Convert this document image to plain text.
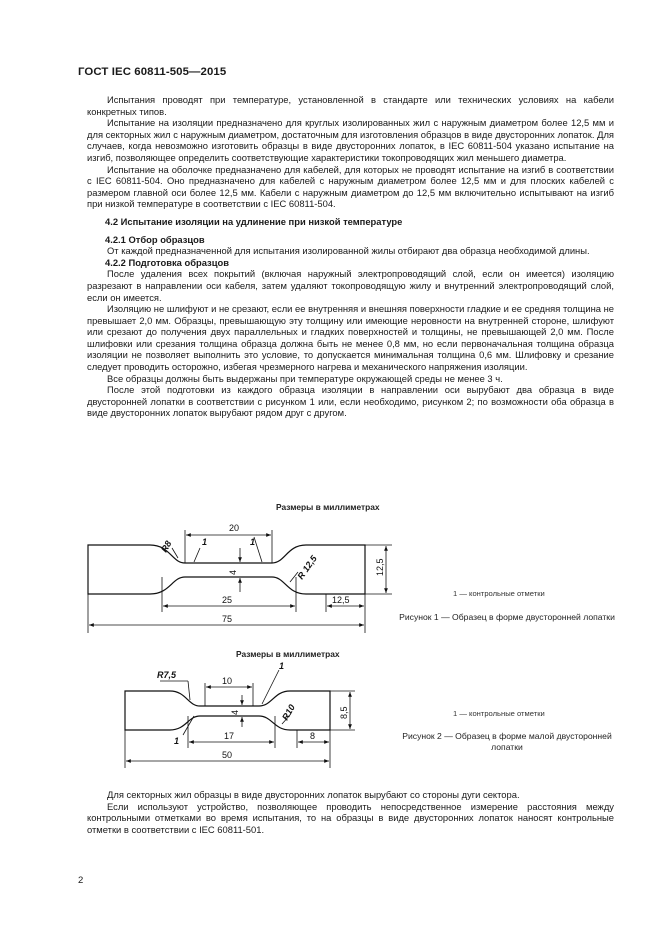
ГОСТ IEC 60811-505—2015

Испытания проводят при температуре, установленной в стандарте или технических условиях на кабели конкретных типов.

Испытание на изоляции предназначено для круглых изолированных жил с наружным диаметром более 12,5 мм и для секторных жил с наружным диаметром, достаточным для изготовления образцов в виде двусторонних лопаток. Для случаев, когда невозможно изготовить образцы в виде двусторонних лопаток, в IEC 60811-504 указано испытание на изгиб, позволяющее определить соответствующие характеристики токопроводящих жил меньшего диаметра.

Испытание на оболочке предназначено для кабелей, для которых не проводят испытание на изгиб в соответствии с IEC 60811-504. Оно предназначено для кабелей с наружным диаметром более 12,5 мм и для плоских кабелей с размером главной оси более 12,5 мм. Кабели с наружным диаметром до 12,5 мм включительно испытывают на изгиб при низкой температуре в соответствии с IEC 60811-504.

4.2 Испытание изоляции на удлинение при низкой температуре

4.2.1 Отбор образцов

От каждой предназначенной для испытания изолированной жилы отбирают два образца необходимой длины.

4.2.2 Подготовка образцов

После удаления всех покрытий (включая наружный электропроводящий слой, если он имеется) изоляцию разрезают в направлении оси кабеля, затем удаляют токопроводящую жилу и внутренний электропроводящий слой, если он имеется.

Изоляцию не шлифуют и не срезают, если ее внутренняя и внешняя поверхности гладкие и ее средняя толщина не превышает 2,0 мм. Образцы, превышающую эту толщину или имеющие неровности на внутренней стороне, шлифуют или срезают до получения двух параллельных и гладких поверхностей и толщины, не превышающей 2,0 мм. После шлифовки или срезания толщина образца должна быть не менее 0,8 мм, но если первоначальная толщина образца изоляции не позволяет выполнить это условие, то допускается минимальная толщина 0,6 мм. Шлифовку и срезание следует проводить осторожно, избегая чрезмерного нагрева и механического напряжения изоляции.

Все образцы должны быть выдержаны при температуре окружающей среды не менее 3 ч.

После этой подготовки из каждого образца изоляции в направлении оси вырубают два образца в виде двусторонней лопатки в соответствии с рисунком 1 или, если необходимо, рисунком 2; по возможности оба образца в виде двусторонних лопаток вырубают рядом друг с другом.

Размеры в миллиметрах
20
25
75
12,5
12,5
4
R8
R 12,5
1	1
10
17
50
8
8,5
4
R7,5
R10
1
1
1 — контрольные отметки
Рисунок 1 — Образец в форме двусторонней лопатки
Размеры в миллиметрах
1 — контрольные отметки
Рисунок 2 — Образец в форме малой двусторонней лопатки

Для секторных жил образцы в виде двусторонних лопаток вырубают со стороны дуги сектора.

Если используют устройство, позволяющее проводить непосредственное измерение расстояния между контрольными отметками во время испытания, то на образцы в виде двусторонних лопаток наносят контрольные отметки в соответствии с IEC 60811-501.

2
